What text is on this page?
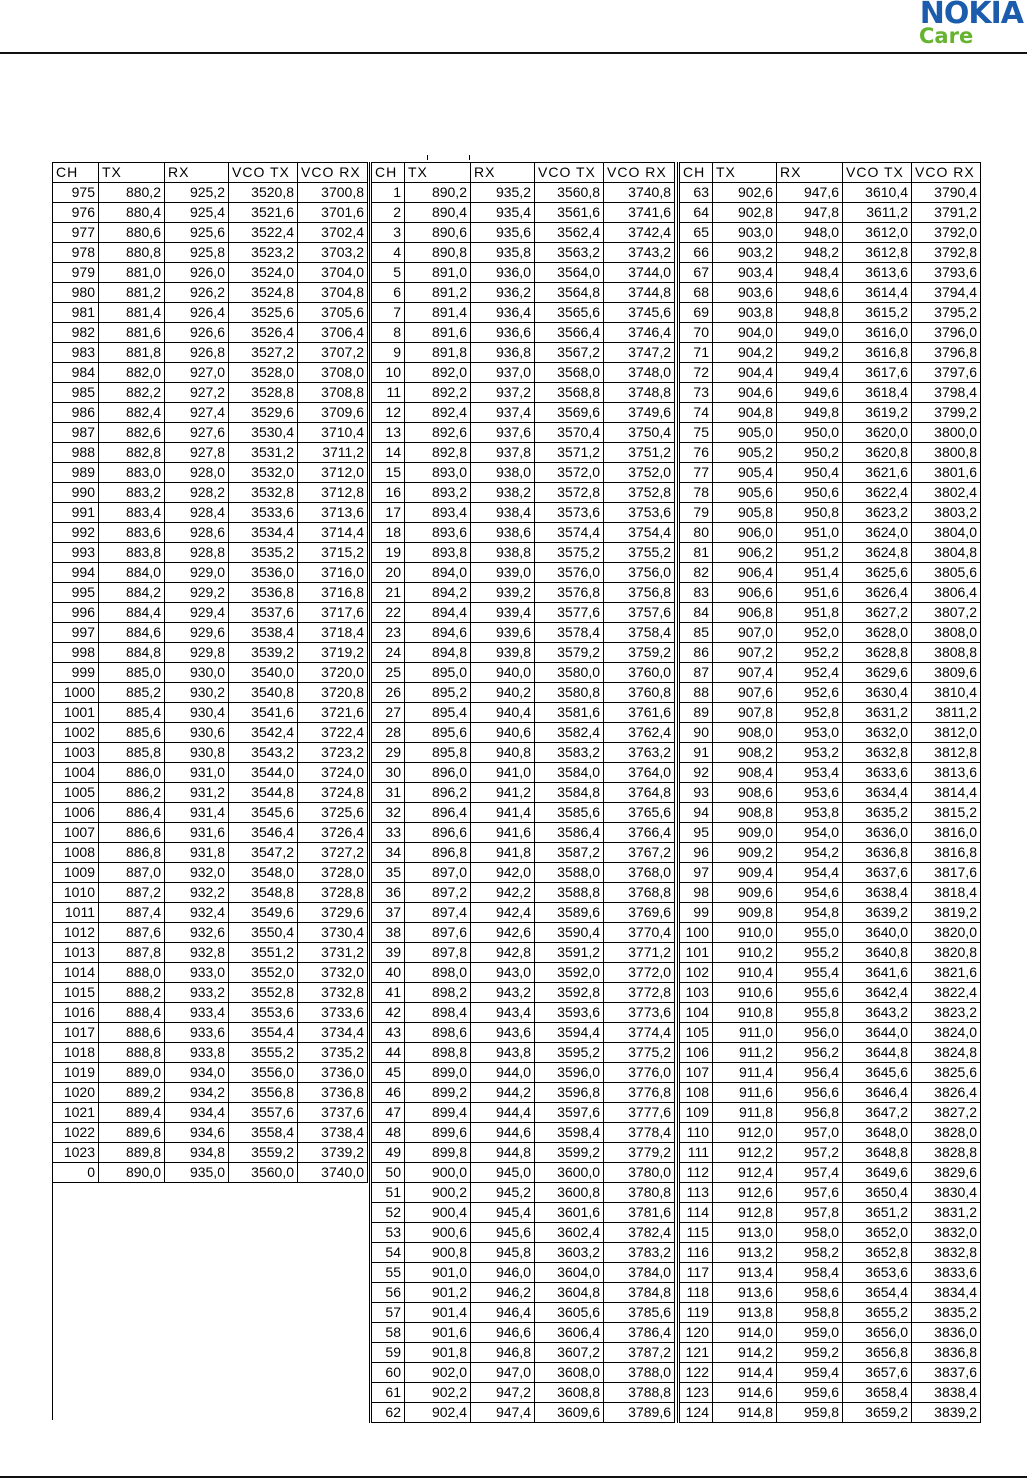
NOKIA
Care
CH	TX	RX	VCO TX	VCO RX
975	880,2	925,2	3520,8	3700,8
976	880,4	925,4	3521,6	3701,6
977	880,6	925,6	3522,4	3702,4
978	880,8	925,8	3523,2	3703,2
979	881,0	926,0	3524,0	3704,0
980	881,2	926,2	3524,8	3704,8
981	881,4	926,4	3525,6	3705,6
982	881,6	926,6	3526,4	3706,4
983	881,8	926,8	3527,2	3707,2
984	882,0	927,0	3528,0	3708,0
985	882,2	927,2	3528,8	3708,8
986	882,4	927,4	3529,6	3709,6
987	882,6	927,6	3530,4	3710,4
988	882,8	927,8	3531,2	3711,2
989	883,0	928,0	3532,0	3712,0
990	883,2	928,2	3532,8	3712,8
991	883,4	928,4	3533,6	3713,6
992	883,6	928,6	3534,4	3714,4
993	883,8	928,8	3535,2	3715,2
994	884,0	929,0	3536,0	3716,0
995	884,2	929,2	3536,8	3716,8
996	884,4	929,4	3537,6	3717,6
997	884,6	929,6	3538,4	3718,4
998	884,8	929,8	3539,2	3719,2
999	885,0	930,0	3540,0	3720,0
1000	885,2	930,2	3540,8	3720,8
1001	885,4	930,4	3541,6	3721,6
1002	885,6	930,6	3542,4	3722,4
1003	885,8	930,8	3543,2	3723,2
1004	886,0	931,0	3544,0	3724,0
1005	886,2	931,2	3544,8	3724,8
1006	886,4	931,4	3545,6	3725,6
1007	886,6	931,6	3546,4	3726,4
1008	886,8	931,8	3547,2	3727,2
1009	887,0	932,0	3548,0	3728,0
1010	887,2	932,2	3548,8	3728,8
1011	887,4	932,4	3549,6	3729,6
1012	887,6	932,6	3550,4	3730,4
1013	887,8	932,8	3551,2	3731,2
1014	888,0	933,0	3552,0	3732,0
1015	888,2	933,2	3552,8	3732,8
1016	888,4	933,4	3553,6	3733,6
1017	888,6	933,6	3554,4	3734,4
1018	888,8	933,8	3555,2	3735,2
1019	889,0	934,0	3556,0	3736,0
1020	889,2	934,2	3556,8	3736,8
1021	889,4	934,4	3557,6	3737,6
1022	889,6	934,6	3558,4	3738,4
1023	889,8	934,8	3559,2	3739,2
0	890,0	935,0	3560,0	3740,0
CH	TX	RX	VCO TX	VCO RX
1	890,2	935,2	3560,8	3740,8
2	890,4	935,4	3561,6	3741,6
3	890,6	935,6	3562,4	3742,4
4	890,8	935,8	3563,2	3743,2
5	891,0	936,0	3564,0	3744,0
6	891,2	936,2	3564,8	3744,8
7	891,4	936,4	3565,6	3745,6
8	891,6	936,6	3566,4	3746,4
9	891,8	936,8	3567,2	3747,2
10	892,0	937,0	3568,0	3748,0
11	892,2	937,2	3568,8	3748,8
12	892,4	937,4	3569,6	3749,6
13	892,6	937,6	3570,4	3750,4
14	892,8	937,8	3571,2	3751,2
15	893,0	938,0	3572,0	3752,0
16	893,2	938,2	3572,8	3752,8
17	893,4	938,4	3573,6	3753,6
18	893,6	938,6	3574,4	3754,4
19	893,8	938,8	3575,2	3755,2
20	894,0	939,0	3576,0	3756,0
21	894,2	939,2	3576,8	3756,8
22	894,4	939,4	3577,6	3757,6
23	894,6	939,6	3578,4	3758,4
24	894,8	939,8	3579,2	3759,2
25	895,0	940,0	3580,0	3760,0
26	895,2	940,2	3580,8	3760,8
27	895,4	940,4	3581,6	3761,6
28	895,6	940,6	3582,4	3762,4
29	895,8	940,8	3583,2	3763,2
30	896,0	941,0	3584,0	3764,0
31	896,2	941,2	3584,8	3764,8
32	896,4	941,4	3585,6	3765,6
33	896,6	941,6	3586,4	3766,4
34	896,8	941,8	3587,2	3767,2
35	897,0	942,0	3588,0	3768,0
36	897,2	942,2	3588,8	3768,8
37	897,4	942,4	3589,6	3769,6
38	897,6	942,6	3590,4	3770,4
39	897,8	942,8	3591,2	3771,2
40	898,0	943,0	3592,0	3772,0
41	898,2	943,2	3592,8	3772,8
42	898,4	943,4	3593,6	3773,6
43	898,6	943,6	3594,4	3774,4
44	898,8	943,8	3595,2	3775,2
45	899,0	944,0	3596,0	3776,0
46	899,2	944,2	3596,8	3776,8
47	899,4	944,4	3597,6	3777,6
48	899,6	944,6	3598,4	3778,4
49	899,8	944,8	3599,2	3779,2
50	900,0	945,0	3600,0	3780,0
51	900,2	945,2	3600,8	3780,8
52	900,4	945,4	3601,6	3781,6
53	900,6	945,6	3602,4	3782,4
54	900,8	945,8	3603,2	3783,2
55	901,0	946,0	3604,0	3784,0
56	901,2	946,2	3604,8	3784,8
57	901,4	946,4	3605,6	3785,6
58	901,6	946,6	3606,4	3786,4
59	901,8	946,8	3607,2	3787,2
60	902,0	947,0	3608,0	3788,0
61	902,2	947,2	3608,8	3788,8
62	902,4	947,4	3609,6	3789,6
CH	TX	RX	VCO TX	VCO RX
63	902,6	947,6	3610,4	3790,4
64	902,8	947,8	3611,2	3791,2
65	903,0	948,0	3612,0	3792,0
66	903,2	948,2	3612,8	3792,8
67	903,4	948,4	3613,6	3793,6
68	903,6	948,6	3614,4	3794,4
69	903,8	948,8	3615,2	3795,2
70	904,0	949,0	3616,0	3796,0
71	904,2	949,2	3616,8	3796,8
72	904,4	949,4	3617,6	3797,6
73	904,6	949,6	3618,4	3798,4
74	904,8	949,8	3619,2	3799,2
75	905,0	950,0	3620,0	3800,0
76	905,2	950,2	3620,8	3800,8
77	905,4	950,4	3621,6	3801,6
78	905,6	950,6	3622,4	3802,4
79	905,8	950,8	3623,2	3803,2
80	906,0	951,0	3624,0	3804,0
81	906,2	951,2	3624,8	3804,8
82	906,4	951,4	3625,6	3805,6
83	906,6	951,6	3626,4	3806,4
84	906,8	951,8	3627,2	3807,2
85	907,0	952,0	3628,0	3808,0
86	907,2	952,2	3628,8	3808,8
87	907,4	952,4	3629,6	3809,6
88	907,6	952,6	3630,4	3810,4
89	907,8	952,8	3631,2	3811,2
90	908,0	953,0	3632,0	3812,0
91	908,2	953,2	3632,8	3812,8
92	908,4	953,4	3633,6	3813,6
93	908,6	953,6	3634,4	3814,4
94	908,8	953,8	3635,2	3815,2
95	909,0	954,0	3636,0	3816,0
96	909,2	954,2	3636,8	3816,8
97	909,4	954,4	3637,6	3817,6
98	909,6	954,6	3638,4	3818,4
99	909,8	954,8	3639,2	3819,2
100	910,0	955,0	3640,0	3820,0
101	910,2	955,2	3640,8	3820,8
102	910,4	955,4	3641,6	3821,6
103	910,6	955,6	3642,4	3822,4
104	910,8	955,8	3643,2	3823,2
105	911,0	956,0	3644,0	3824,0
106	911,2	956,2	3644,8	3824,8
107	911,4	956,4	3645,6	3825,6
108	911,6	956,6	3646,4	3826,4
109	911,8	956,8	3647,2	3827,2
110	912,0	957,0	3648,0	3828,0
111	912,2	957,2	3648,8	3828,8
112	912,4	957,4	3649,6	3829,6
113	912,6	957,6	3650,4	3830,4
114	912,8	957,8	3651,2	3831,2
115	913,0	958,0	3652,0	3832,0
116	913,2	958,2	3652,8	3832,8
117	913,4	958,4	3653,6	3833,6
118	913,6	958,6	3654,4	3834,4
119	913,8	958,8	3655,2	3835,2
120	914,0	959,0	3656,0	3836,0
121	914,2	959,2	3656,8	3836,8
122	914,4	959,4	3657,6	3837,6
123	914,6	959,6	3658,4	3838,4
124	914,8	959,8	3659,2	3839,2
